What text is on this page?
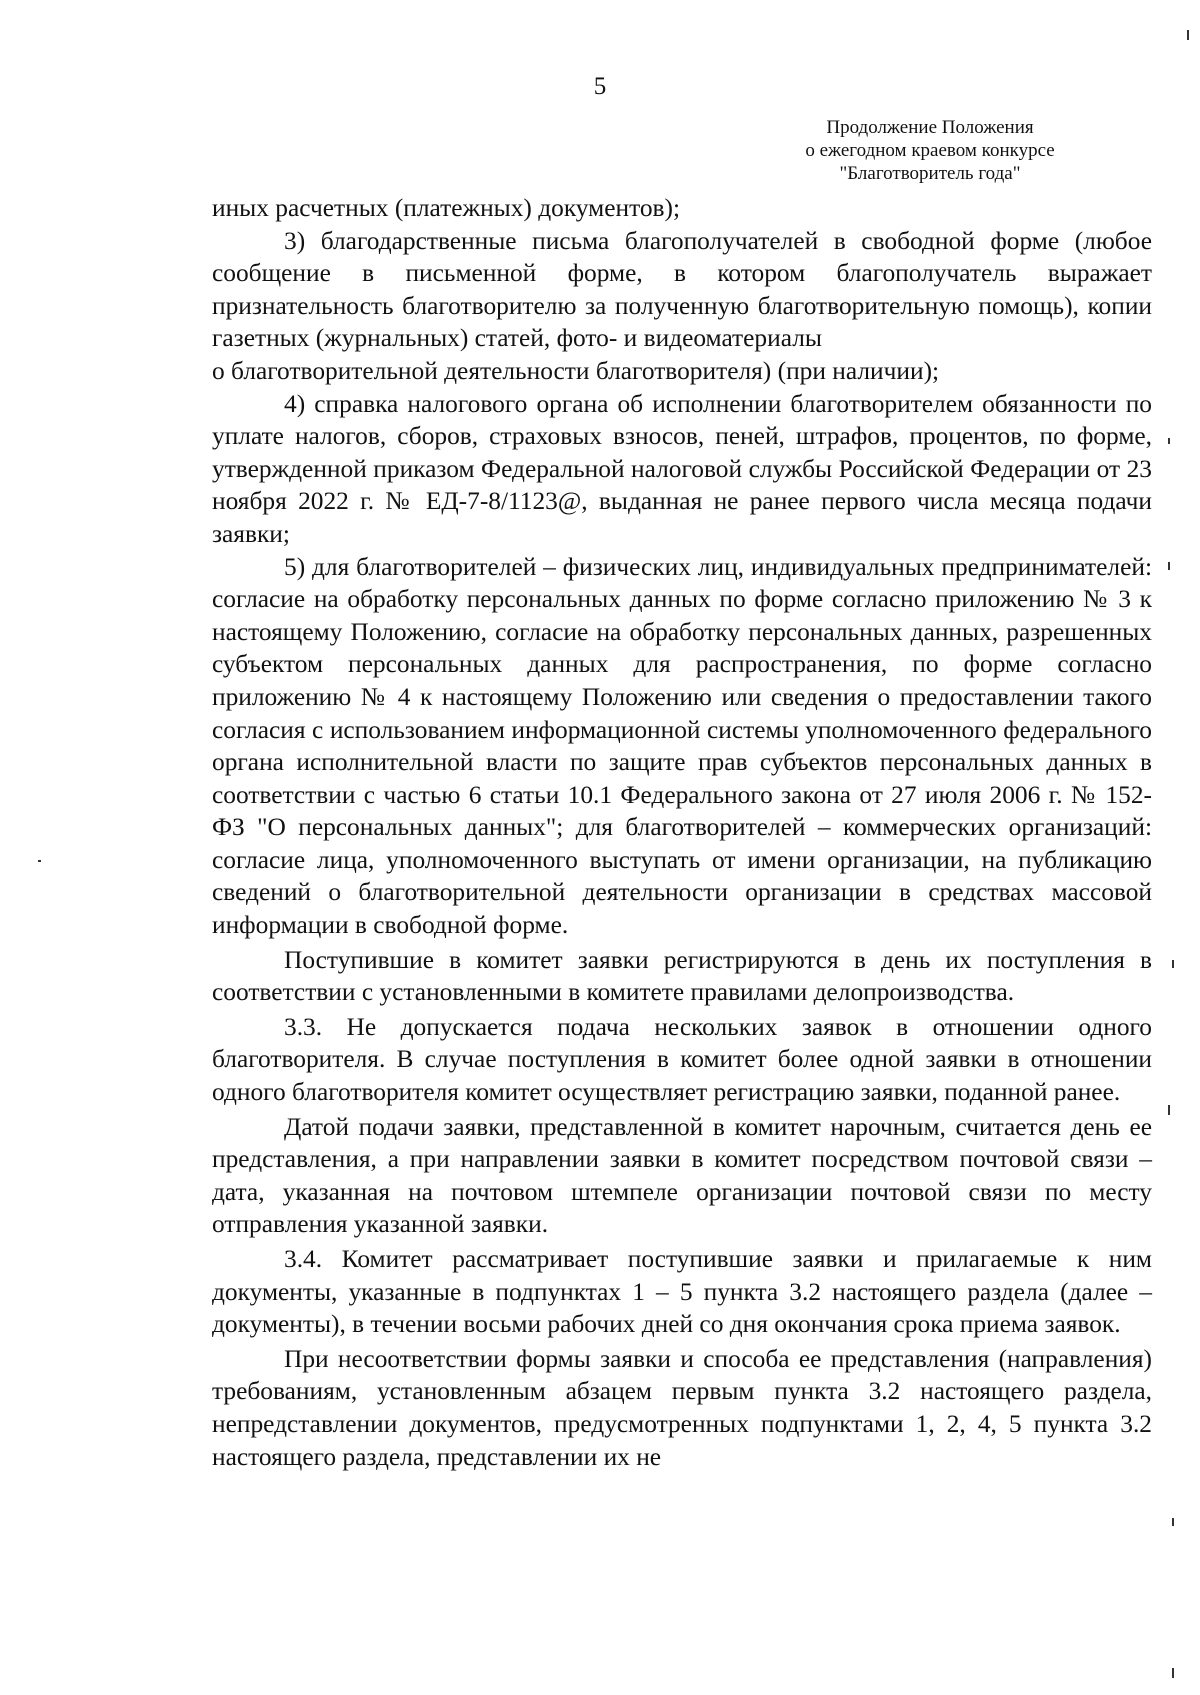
5
Продолжение Положения
о ежегодном краевом конкурсе
"Благотворитель года"

иных расчетных (платежных) документов);

3) благодарственные письма благополучателей в свободной форме (любое сообщение в письменной форме, в котором благополучатель выражает признательность благотворителю за полученную благотворительную помощь), копии газетных (журнальных) статей, фото- и видеоматериалы

о благотворительной деятельности благотворителя) (при наличии);

4) справка налогового органа об исполнении благотворителем обязанности по уплате налогов, сборов, страховых взносов, пеней, штрафов, процентов, по форме, утвержденной приказом Федеральной налоговой службы Российской Федерации от 23 ноября 2022 г. № ЕД-7-8/1123@, выданная не ранее первого числа месяца подачи заявки;

5) для благотворителей – физических лиц, индивидуальных предпринимателей: согласие на обработку персональных данных по форме согласно приложению № 3 к настоящему Положению, согласие на обработку персональных данных, разрешенных субъектом персональных данных для распространения, по форме согласно приложению № 4 к настоящему Положению или сведения о предоставлении такого согласия с использованием информационной системы уполномоченного федерального органа исполнительной власти по защите прав субъектов персональных данных в соответствии с частью 6 статьи 10.1 Федерального закона от 27 июля 2006 г. № 152-ФЗ "О персональных данных"; для благотворителей – коммерческих организаций: согласие лица, уполномоченного выступать от имени организации, на публикацию сведений о благотворительной деятельности организации в средствах массовой информации в свободной форме.

Поступившие в комитет заявки регистрируются в день их поступления в соответствии с установленными в комитете правилами делопроизводства.

3.3. Не допускается подача нескольких заявок в отношении одного благотворителя. В случае поступления в комитет более одной заявки в отношении одного благотворителя комитет осуществляет регистрацию заявки, поданной ранее.

Датой подачи заявки, представленной в комитет нарочным, считается день ее представления, а при направлении заявки в комитет посредством почтовой связи – дата, указанная на почтовом штемпеле организации почтовой связи по месту отправления указанной заявки.

3.4. Комитет рассматривает поступившие заявки и прилагаемые к ним документы, указанные в подпунктах 1 – 5 пункта 3.2 настоящего раздела (далее – документы), в течении восьми рабочих дней со дня окончания срока приема заявок.

При несоответствии формы заявки и способа ее представления (направления) требованиям, установленным абзацем первым пункта 3.2 настоящего раздела, непредставлении документов, предусмотренных подпунктами 1, 2, 4, 5 пункта 3.2 настоящего раздела, представлении их не
